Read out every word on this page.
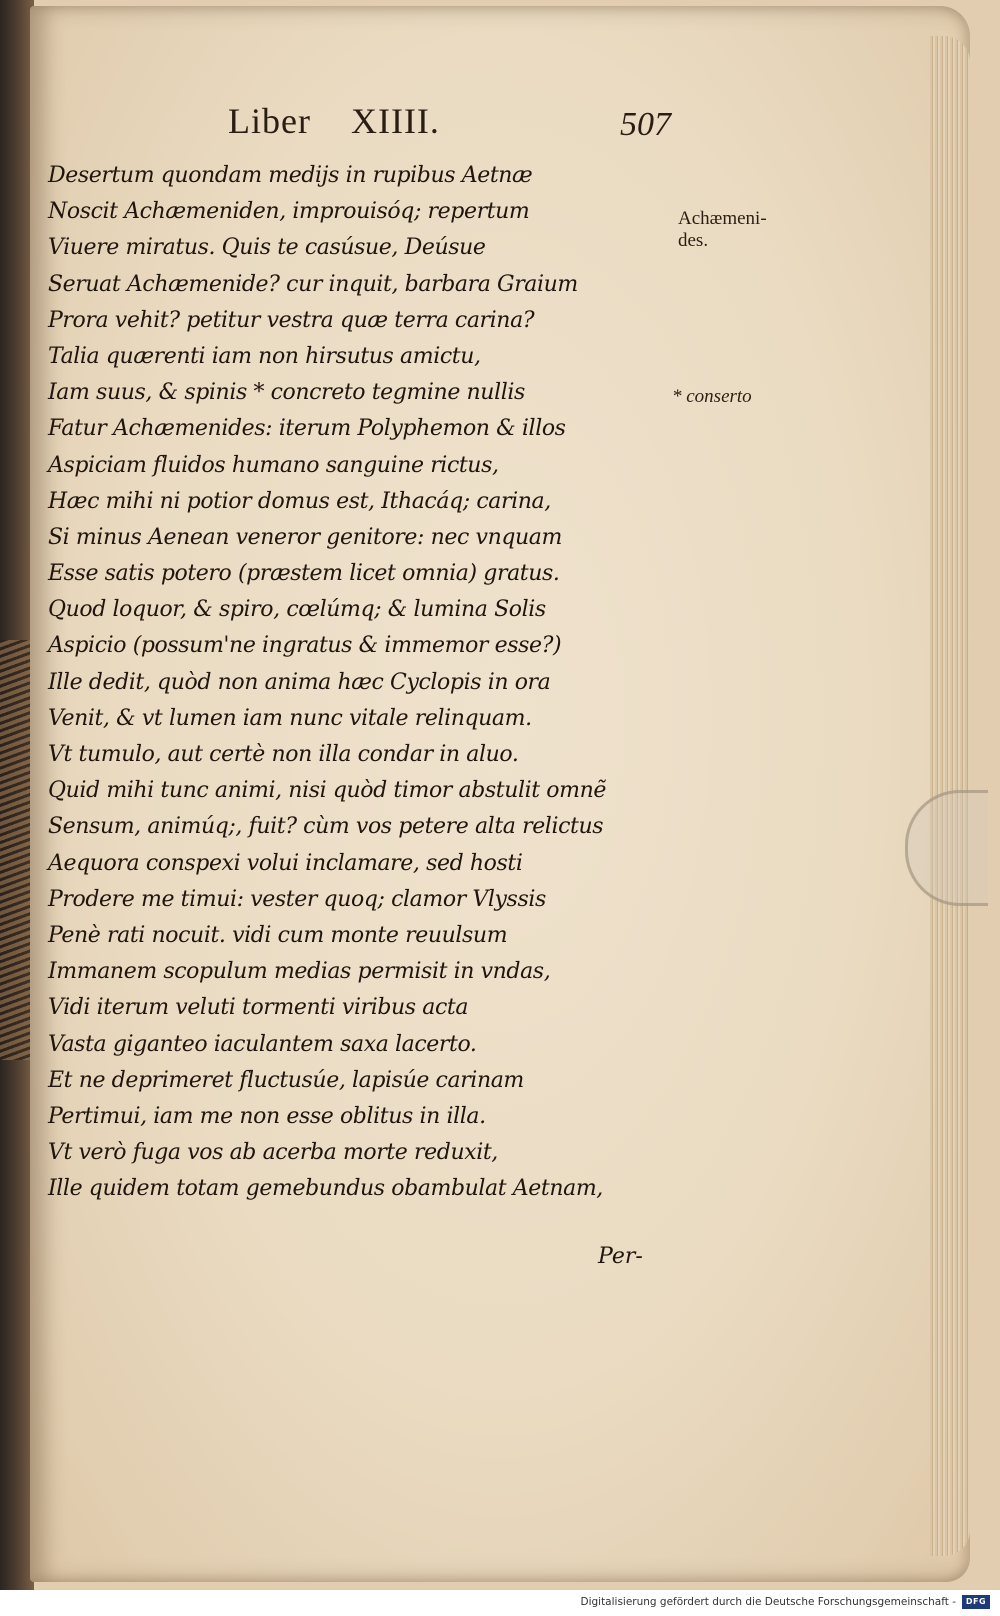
Liber XIIII.	507
Desertum quondam medijs in rupibus Aetnæ
Noscit Achæmeniden, improuisóq; repertum
Viuere miratus. Quis te casúsue, Deúsue
Seruat Achæmenide? cur inquit, barbara Graium
Prora vehit? petitur vestra quæ terra carina?
Talia quærenti iam non hirsutus amictu,
Iam suus, & spinis * concreto tegmine nullis
Fatur Achæmenides: iterum Polyphemon & illos
Aspiciam fluidos humano sanguine rictus,
Hæc mihi ni potior domus est, Ithacáq; carina,
Si minus Aenean veneror genitore: nec vnquam
Esse satis potero (præstem licet omnia) gratus.
Quod loquor, & spiro, cœlúmq; & lumina Solis
Aspicio (possum'ne ingratus & immemor esse?)
Ille dedit, quòd non anima hæc Cyclopis in ora
Venit, & vt lumen iam nunc vitale relinquam.
Vt tumulo, aut certè non illa condar in aluo.
Quid mihi tunc animi, nisi quòd timor abstulit omnẽ
Sensum, animúq;, fuit? cùm vos petere alta relictus
Aequora conspexi volui inclamare, sed hosti
Prodere me timui: vester quoq; clamor Vlyssis
Penè rati nocuit. vidi cum monte reuulsum
Immanem scopulum medias permisit in vndas,
Vidi iterum veluti tormenti viribus acta
Vasta giganteo iaculantem saxa lacerto.
Et ne deprimeret fluctusúe, lapisúe carinam
Pertimui, iam me non esse oblitus in illa.
Vt verò fuga vos ab acerba morte reduxit,
Ille quidem totam gemebundus obambulat Aetnam,
Per-
Achæmeni-
des.
* conserto
Digitalisierung gefördert durch die Deutsche Forschungsgemeinschaft -	DFG
